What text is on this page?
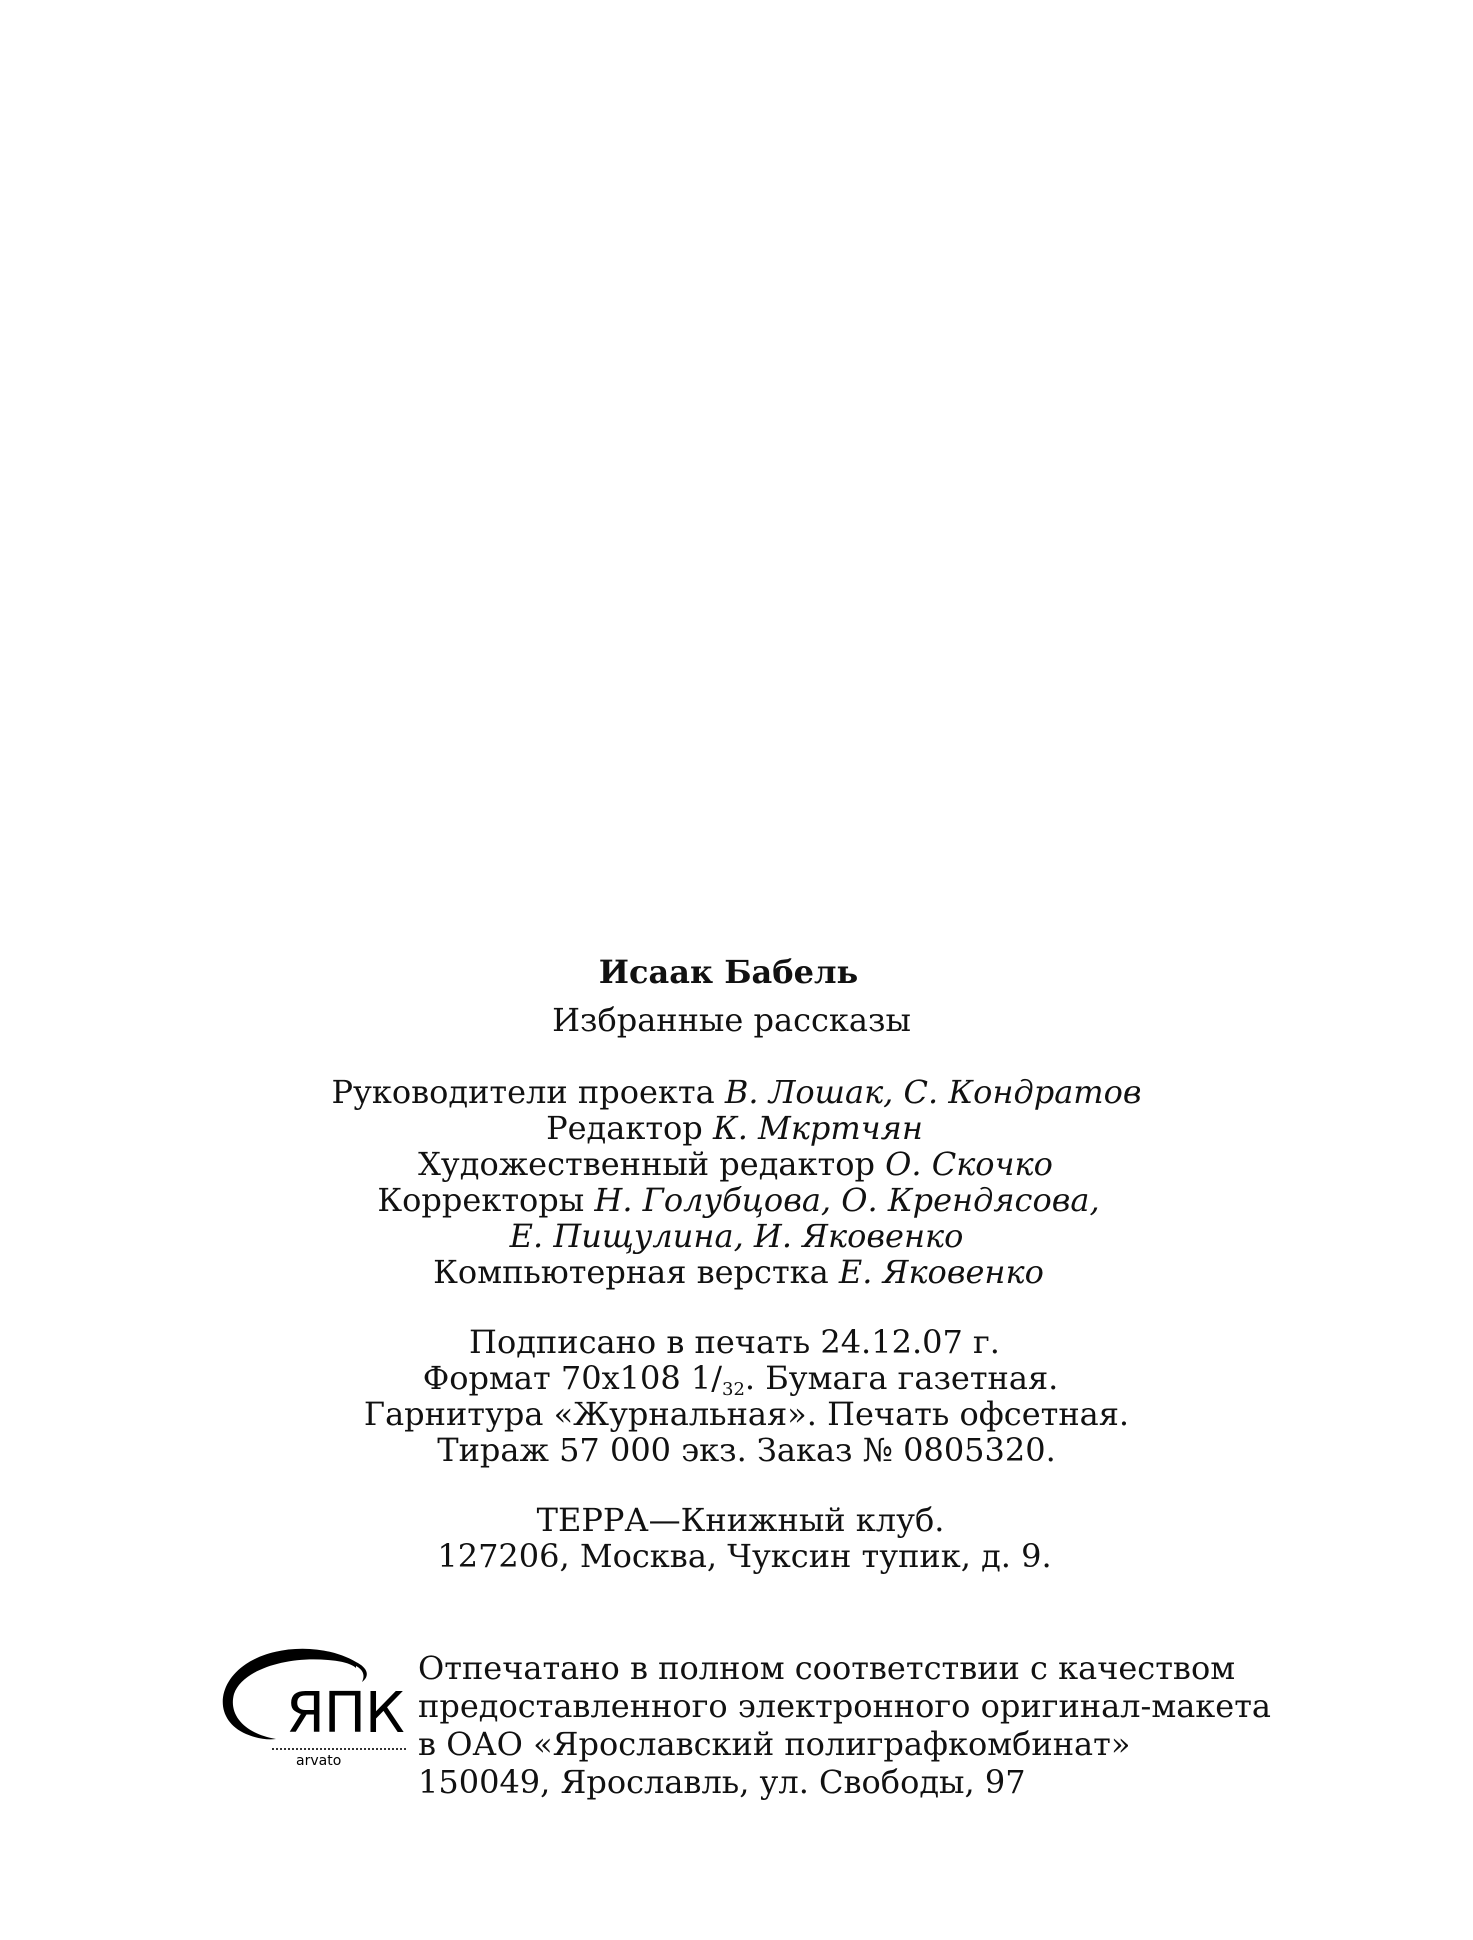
Исаак Бабель
Избранные рассказы
Руководители проекта В. Лошак, С. Кондратов
Редактор К. Мкртчян
Художественный редактор О. Скочко
Корректоры Н. Голубцова, О. Крендясова,
Е. Пищулина, И. Яковенко
Компьютерная верстка Е. Яковенко
Подписано в печать 24.12.07 г.
Формат 70x108 $1/_{32}$. Бумага газетная.
Гарнитура «Журнальная». Печать офсетная.
Тираж 57 000 экз. Заказ № 0805320.
ТЕРРА—Книжный клуб.
127206, Москва, Чуксин тупик, д. 9.
ЯПК
arvato
Отпечатано в полном соответствии с качеством
предоставленного электронного оригинал-макета
в ОАО «Ярославский полиграфкомбинат»
150049, Ярославль, ул. Свободы, 97
